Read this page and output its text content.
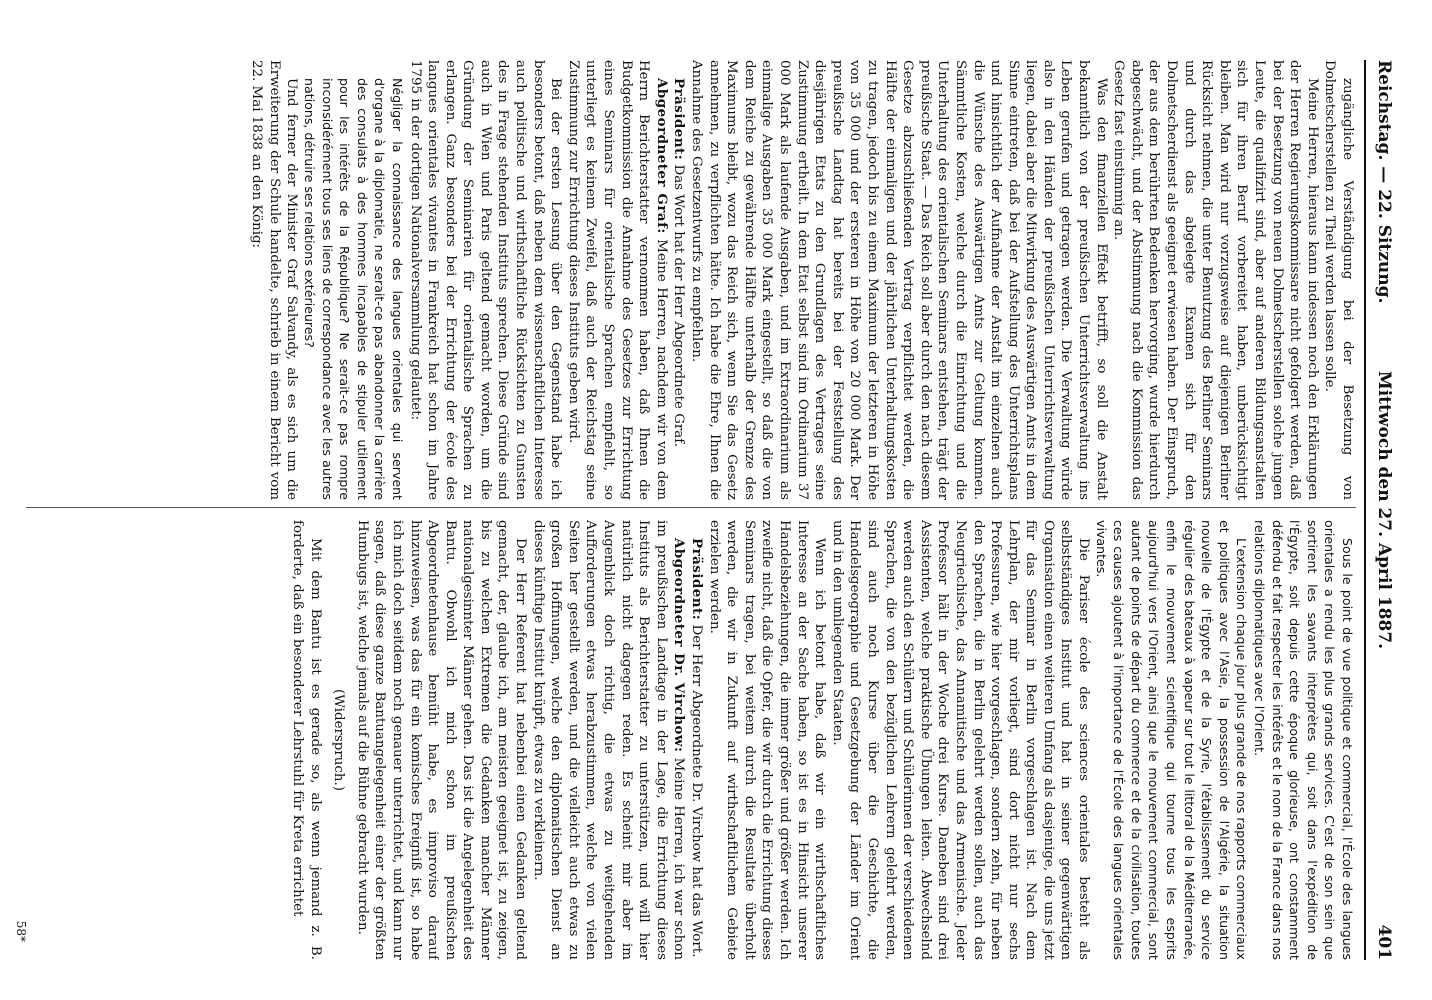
Reichstag. — 22. Sitzung.
Mittwoch den 27. April 1887.
401

zugängliche Verständigung bei der Besetzung von Dolmetscherstellen zu Theil werden lassen solle.

Meine Herren, hieraus kann indessen noch den Erklärungen der Herren Regierungskommissare nicht gefolgert werden, daß bei der Besetzung von neuen Dolmetscherstellen solche jungen Leute, die qualifizirt sind, aber auf anderen Bildungsanstalten sich für ihren Beruf vorbereitet haben, unberücksichtigt bleiben. Man wird nur vorzugsweise auf diejenigen Berliner Rücksicht nehmen, die unter Benutzung des Berliner Seminars und durch das abgelegte Examen sich für den Dolmetscherdienst als geeignet erwiesen haben. Der Einspruch, der aus dem berührten Bedenken hervorging, wurde hierdurch abgeschwächt, und der Abstimmung nach die Kommission das Gesetz fast einstimmig an.

Was den finanziellen Effekt betrifft, so soll die Anstalt bekanntlich von der preußischen Unterrichtsverwaltung ins Leben gerufen und getragen werden. Die Verwaltung würde also in den Händen der preußischen Unterrichtsverwaltung liegen, dabei aber die Mitwirkung des Auswärtigen Amts in dem Sinne eintreten, daß bei der Aufstellung des Unterrichtsplans und hinsichtlich der Aufnahme der Anstalt im einzelnen auch die Wünsche des Auswärtigen Amts zur Geltung kommen. Sämmtliche Kosten, welche durch die Einrichtung und die Unterhaltung des orientalischen Seminars entstehen, trägt der preußische Staat. — Das Reich soll aber durch den nach diesem Gesetze abzuschließenden Vertrag verpflichtet werden, die Hälfte der einmaligen und der jährlichen Unterhaltungskosten zu tragen, jedoch bis zu einem Maximum der letzteren in Höhe von 35 000 und der ersteren in Höhe von 20 000 Mark. Der preußische Landtag hat bereits bei der Feststellung des diesjährigen Etats zu den Grundlagen des Vertrages seine Zustimmung ertheilt. In dem Etat selbst sind im Ordinarium 37 000 Mark als laufende Ausgaben, und im Extraordinarium als einmalige Ausgaben 35 000 Mark eingestellt, so daß die von dem Reiche zu gewährende Hälfte unterhalb der Grenze des Maximums bleibt, wozu das Reich sich, wenn Sie das Gesetz annehmen, zu verpflichten hätte. Ich habe die Ehre, Ihnen die Annahme des Gesetzentwurfs zu empfehlen.

Präsident: Das Wort hat der Herr Abgeordnete Graf.

Abgeordneter Graf: Meine Herren, nachdem wir von dem Herrn Berichterstatter vernommen haben, daß Ihnen die Budgetkommission die Annahme des Gesetzes zur Errichtung eines Seminars für orientalische Sprachen empfiehlt, so unterliegt es keinem Zweifel, daß auch der Reichstag seine Zustimmung zur Errichtung dieses Instituts geben wird.

Bei der ersten Lesung über den Gegenstand habe ich besonders betont, daß neben dem wissenschaftlichen Interesse auch politische und wirthschaftliche Rücksichten zu Gunsten des in Frage stehenden Instituts sprechen. Diese Gründe sind auch in Wien und Paris geltend gemacht worden, um die Gründung der Seminarien für orientalische Sprachen zu erlangen. Ganz besonders bei der Errichtung der école des langues orientales vivantes in Frankreich hat schon im Jahre 1795 in der dortigen Nationalversammlung gelautet:

Négliger la connaissance des langues orientales qui servent d'organe à la diplomatie, ne serait-ce pas abandonner la carrière des consulats à des hommes incapables de stipuler utilement pour les intérêts de la République? Ne serait-ce pas rompre inconsidérément tous ses liens de correspondance avec les autres nations, détruire ses relations extérieures?

Und ferner der Minister Graf Salvandy, als es sich um die Erweiterung der Schule handelte, schrieb in einem Bericht vom 22. Mai 1838 an den König:

Sous le point de vue politique et commercial, l'École des langues orientales a rendu les plus grands services. C'est de son sein que sortirent les savants interprètes qui, soit dans l'expédition de l'Égypte, soit depuis cette époque glorieuse, ont constamment défendu et fait respecter les intérêts et le nom de la France dans nos relations diplomatiques avec l'Orient.

L'extension chaque jour plus grande de nos rapports commerciaux et politiques avec l'Asie, la possession de l'Algérie, la situation nouvelle de l'Égypte et de la Syrie, l'établissement du service régulier des bateaux à vapeur sur tout le littoral de la Méditerranée, enfin le mouvement scientifique qui tourne tous les esprits aujourd'hui vers l'Orient, ainsi que le mouvement commercial, sont autant de points de départ du commerce et de la civilisation, toutes ces causes ajoutent à l'importance de l'École des langues orientales vivantes.

Die Pariser école des sciences orientales besteht als selbstständiges Institut und hat in seiner gegenwärtigen Organisation einen weiteren Umfang als dasjenige, die uns jetzt für das Seminar in Berlin vorgeschlagen ist. Nach dem Lehrplan, der mir vorliegt, sind dort nicht nur sechs Professuren, wie hier vorgeschlagen, sondern zehn, für neben den Sprachen, die in Berlin gelehrt werden sollen, auch das Neugriechische, das Annamitische und das Armenische. Jeder Professor hält in der Woche drei Kurse. Daneben sind drei Assistenten, welche praktische Übungen leiten. Abwechselnd werden auch den Schülern und Schülerinnen der verschiedenen Sprachen, die von den bezüglichen Lehrern gelehrt werden, sind auch noch Kurse über die Geschichte, die Handelsgeographie und Gesetzgebung der Länder im Orient und in den umliegenden Staaten.

Wenn ich betont habe, daß wir ein wirthschaftliches Interesse an der Sache haben, so ist es in Hinsicht unserer Handelsbeziehungen, die immer größer und größer werden. Ich zweifle nicht, daß die Opfer, die wir durch die Errichtung dieses Seminars tragen, bei weitem durch die Resultate überholt werden, die wir in Zukunft auf wirthschaftlichem Gebiete erzielen werden.

Präsident: Der Herr Abgeordnete Dr. Virchow hat das Wort.

Abgeordneter Dr. Virchow: Meine Herren, ich war schon im preußischen Landtage in der Lage, die Errichtung dieses Instituts als Berichterstatter zu unterstützen, und will hier natürlich nicht dagegen reden. Es scheint mir aber im Augenblick doch richtig, die etwas zu weitgehenden Aufforderungen etwas herabzustimmen, welche von vielen Seiten her gestellt werden, und die vielleicht auch etwas zu großen Hoffnungen, welche den diplomatischen Dienst an dieses künftige Institut knüpft, etwas zu verkleinern.

Der Herr Referent hat nebenbei einen Gedanken geltend gemacht, der, glaube ich, am meisten geeignet ist, zu zeigen, bis zu welchen Extremen die Gedanken mancher Männer nationalgesinnter Männer gehen. Das ist die Angelegenheit des Bantu. Obwohl ich mich schon im preußischen Abgeordnetenhause bemüht habe, es improviso darauf hinzuweisen, was das für ein komisches Ereigniß ist, so habe ich mich doch seitdem noch genauer unterrichtet, und kann nur sagen, daß diese ganze Bantuangelegenheit einer der größten Humbugs ist, welche jemals auf die Bühne gebracht wurden.

(Widerspruch.)

Mit dem Bantu ist es gerade so, als wenn jemand z. B. forderte, daß ein besonderer Lehrstuhl für Kreta errichtet

58*
